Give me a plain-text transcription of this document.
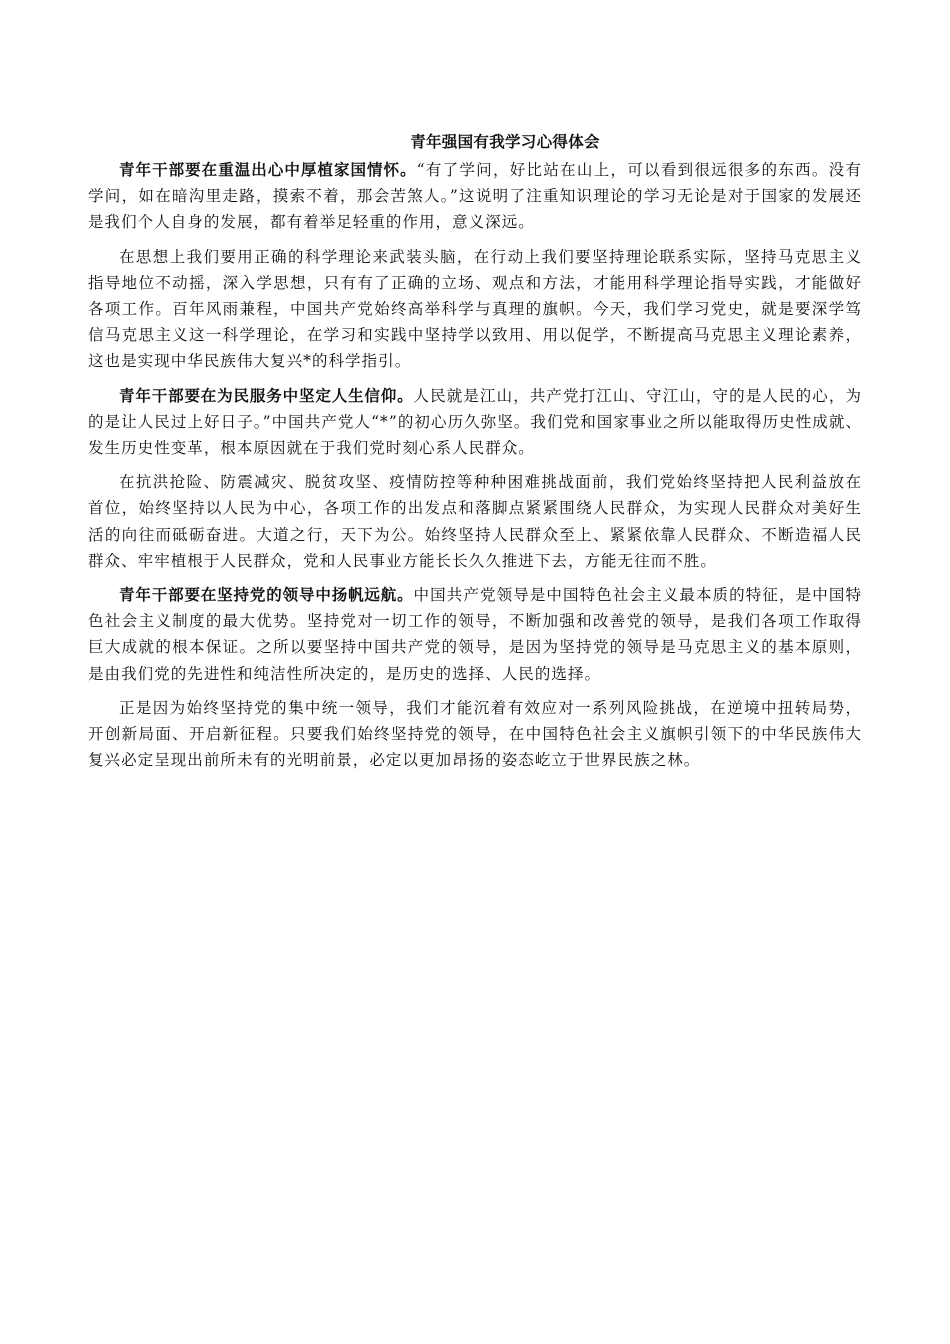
青年强国有我学习心得体会

青年干部要在重温出心中厚植家国情怀。“有了学问，好比站在山上，可以看到很远很多的东西。没有学问，如在暗沟里走路，摸索不着，那会苦煞人。”这说明了注重知识理论的学习无论是对于国家的发展还是我们个人自身的发展，都有着举足轻重的作用，意义深远。

在思想上我们要用正确的科学理论来武装头脑，在行动上我们要坚持理论联系实际，坚持马克思主义指导地位不动摇，深入学思想，只有有了正确的立场、观点和方法，才能用科学理论指导实践，才能做好各项工作。百年风雨兼程，中国共产党始终高举科学与真理的旗帜。今天，我们学习党史，就是要深学笃信马克思主义这一科学理论，在学习和实践中坚持学以致用、用以促学，不断提高马克思主义理论素养，这也是实现中华民族伟大复兴*的科学指引。

青年干部要在为民服务中坚定人生信仰。人民就是江山，共产党打江山、守江山，守的是人民的心，为的是让人民过上好日子。”中国共产党人“*”的初心历久弥坚。我们党和国家事业之所以能取得历史性成就、发生历史性变革，根本原因就在于我们党时刻心系人民群众。

在抗洪抢险、防震减灾、脱贫攻坚、疫情防控等种种困难挑战面前，我们党始终坚持把人民利益放在首位，始终坚持以人民为中心，各项工作的出发点和落脚点紧紧围绕人民群众，为实现人民群众对美好生活的向往而砥砺奋进。大道之行，天下为公。始终坚持人民群众至上、紧紧依靠人民群众、不断造福人民群众、牢牢植根于人民群众，党和人民事业方能长长久久推进下去，方能无往而不胜。

青年干部要在坚持党的领导中扬帆远航。中国共产党领导是中国特色社会主义最本质的特征，是中国特色社会主义制度的最大优势。坚持党对一切工作的领导，不断加强和改善党的领导，是我们各项工作取得巨大成就的根本保证。之所以要坚持中国共产党的领导，是因为坚持党的领导是马克思主义的基本原则，是由我们党的先进性和纯洁性所决定的，是历史的选择、人民的选择。

正是因为始终坚持党的集中统一领导，我们才能沉着有效应对一系列风险挑战，在逆境中扭转局势，开创新局面、开启新征程。只要我们始终坚持党的领导，在中国特色社会主义旗帜引领下的中华民族伟大复兴必定呈现出前所未有的光明前景，必定以更加昂扬的姿态屹立于世界民族之林。
